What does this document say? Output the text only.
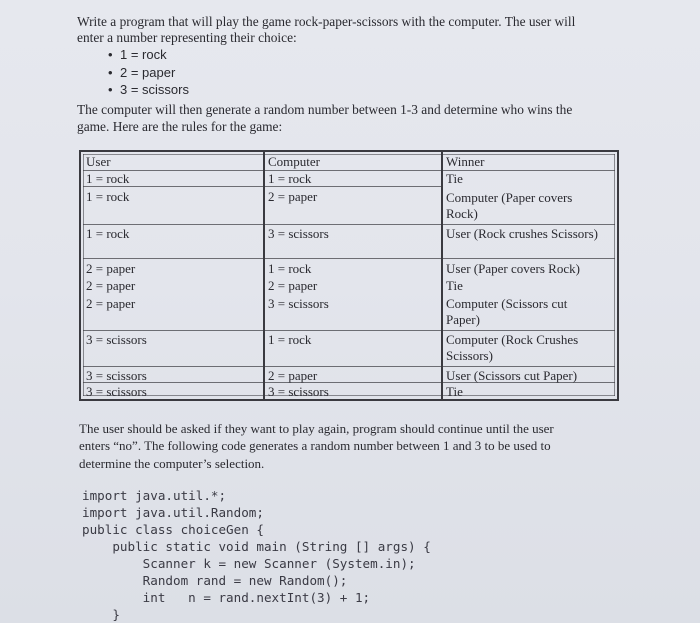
Write a program that will play the game rock-paper-scissors with the computer. The user will
enter a number representing their choice:
• 1 = rock
• 2 = paper
• 3 = scissors
The computer will then generate a random number between 1-3 and determine who wins the
game. Here are the rules for the game:
User	Computer	Winner
1 = rock	1 = rock	Tie
1 = rock	2 = paper	Computer (Paper covers Rock)
1 = rock	3 = scissors	User (Rock crushes Scissors)
2 = paper	1 = rock	User (Paper covers Rock)
2 = paper	2 = paper	Tie
2 = paper	3 = scissors	Computer (Scissors cut Paper)
3 = scissors	1 = rock	Computer (Rock Crushes Scissors)
3 = scissors	2 = paper	User (Scissors cut Paper)
3 = scissors	3 = scissors	Tie
The user should be asked if they want to play again, program should continue until the user
enters “no”. The following code generates a random number between 1 and 3 to be used to
determine the computer’s selection.
import java.util.*;
import java.util.Random;
public class choiceGen {
public static void main (String [] args) {
Scanner k = new Scanner (System.in);
Random rand = new Random();
int   n = rand.nextInt(3) + 1;
}
